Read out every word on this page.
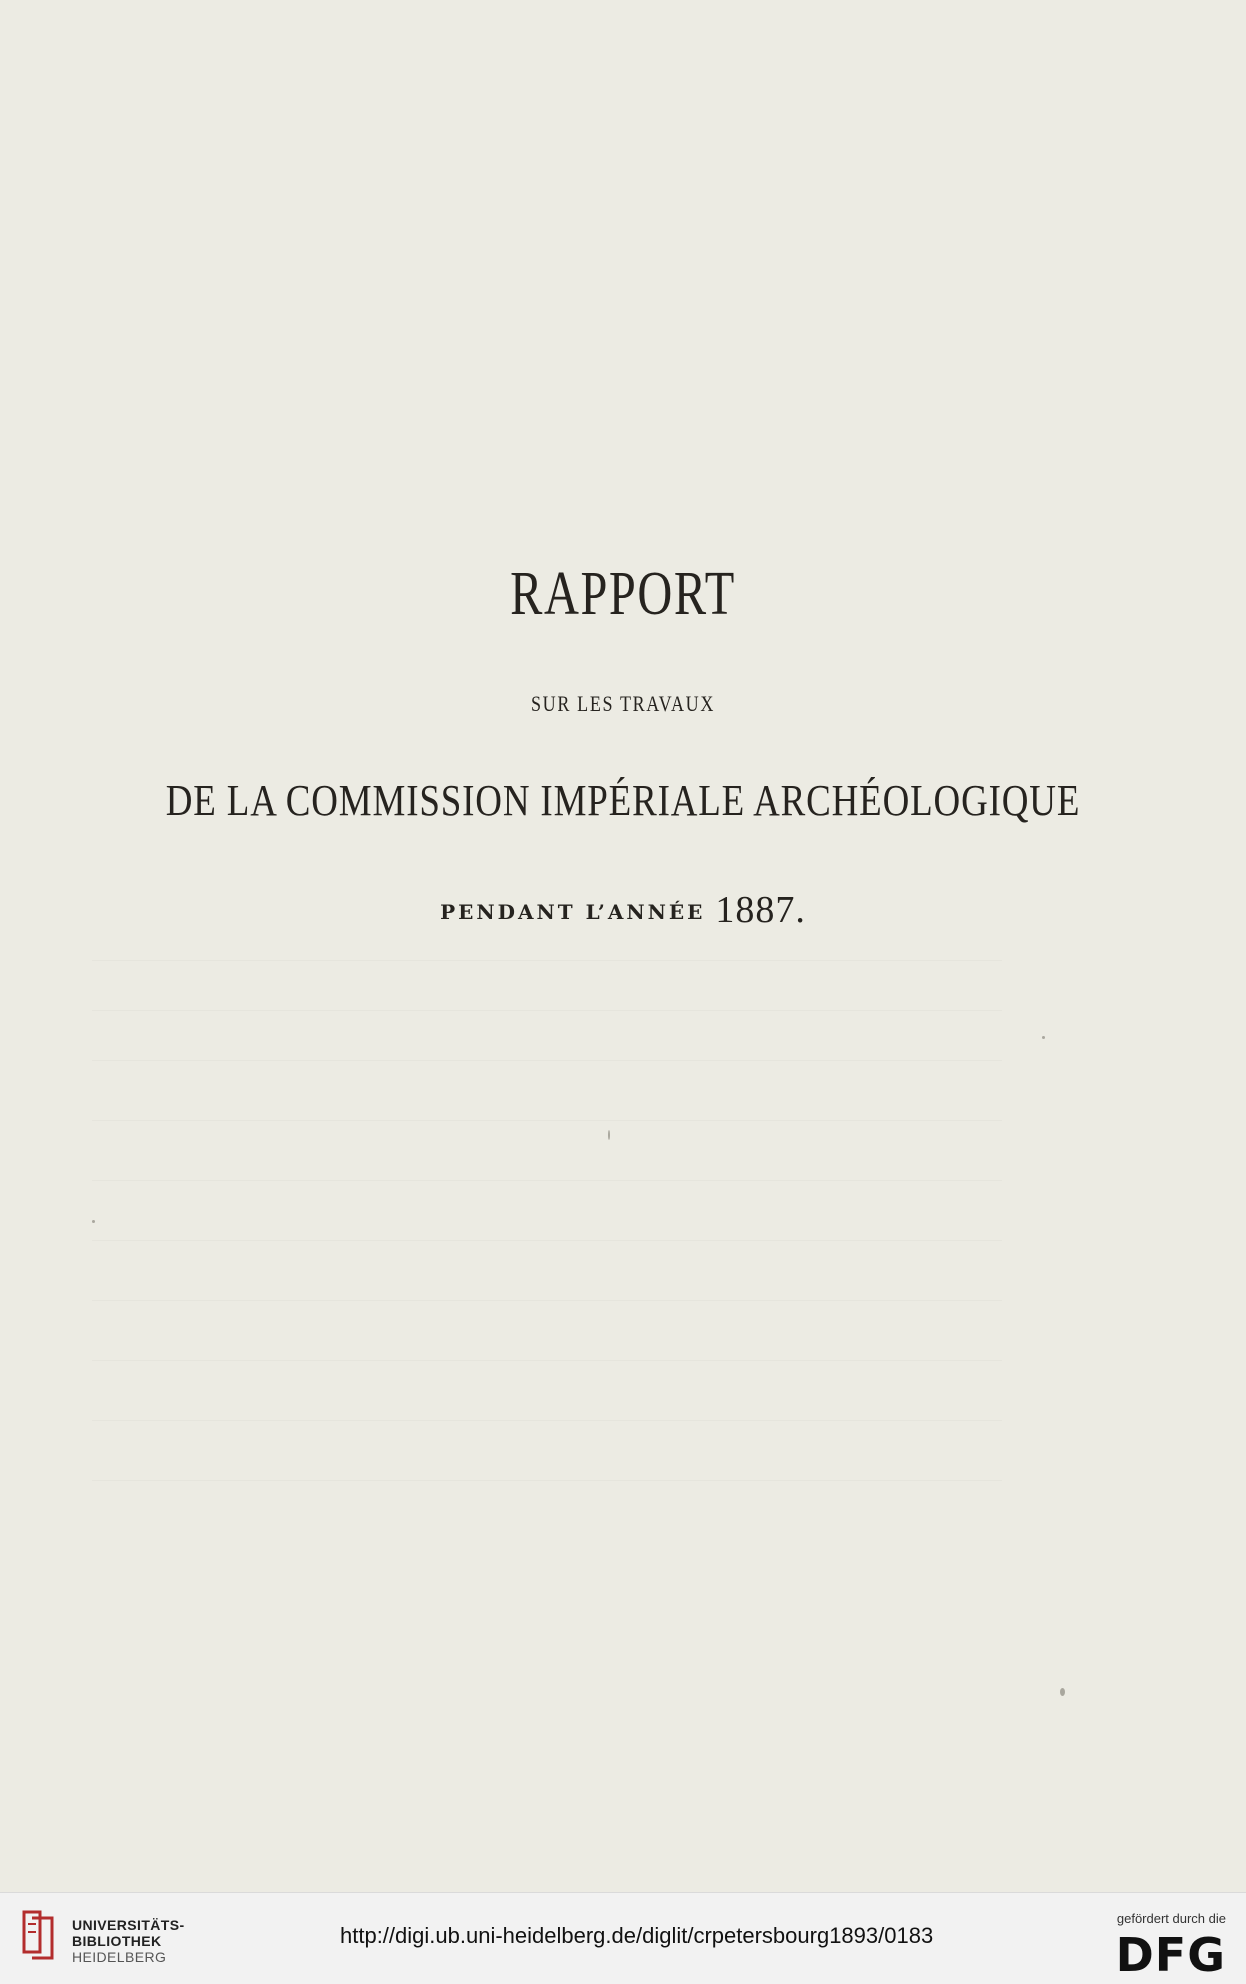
RAPPORT
SUR LES TRAVAUX
DE LA COMMISSION IMPÉRIALE ARCHÉOLOGIQUE
PENDANT L’ANNÉE 1887.
UNIVERSITÄTS-
BIBLIOTHEK
HEIDELBERG
http://digi.ub.uni-heidelberg.de/diglit/crpetersbourg1893/0183
gefördert durch die
DFG
